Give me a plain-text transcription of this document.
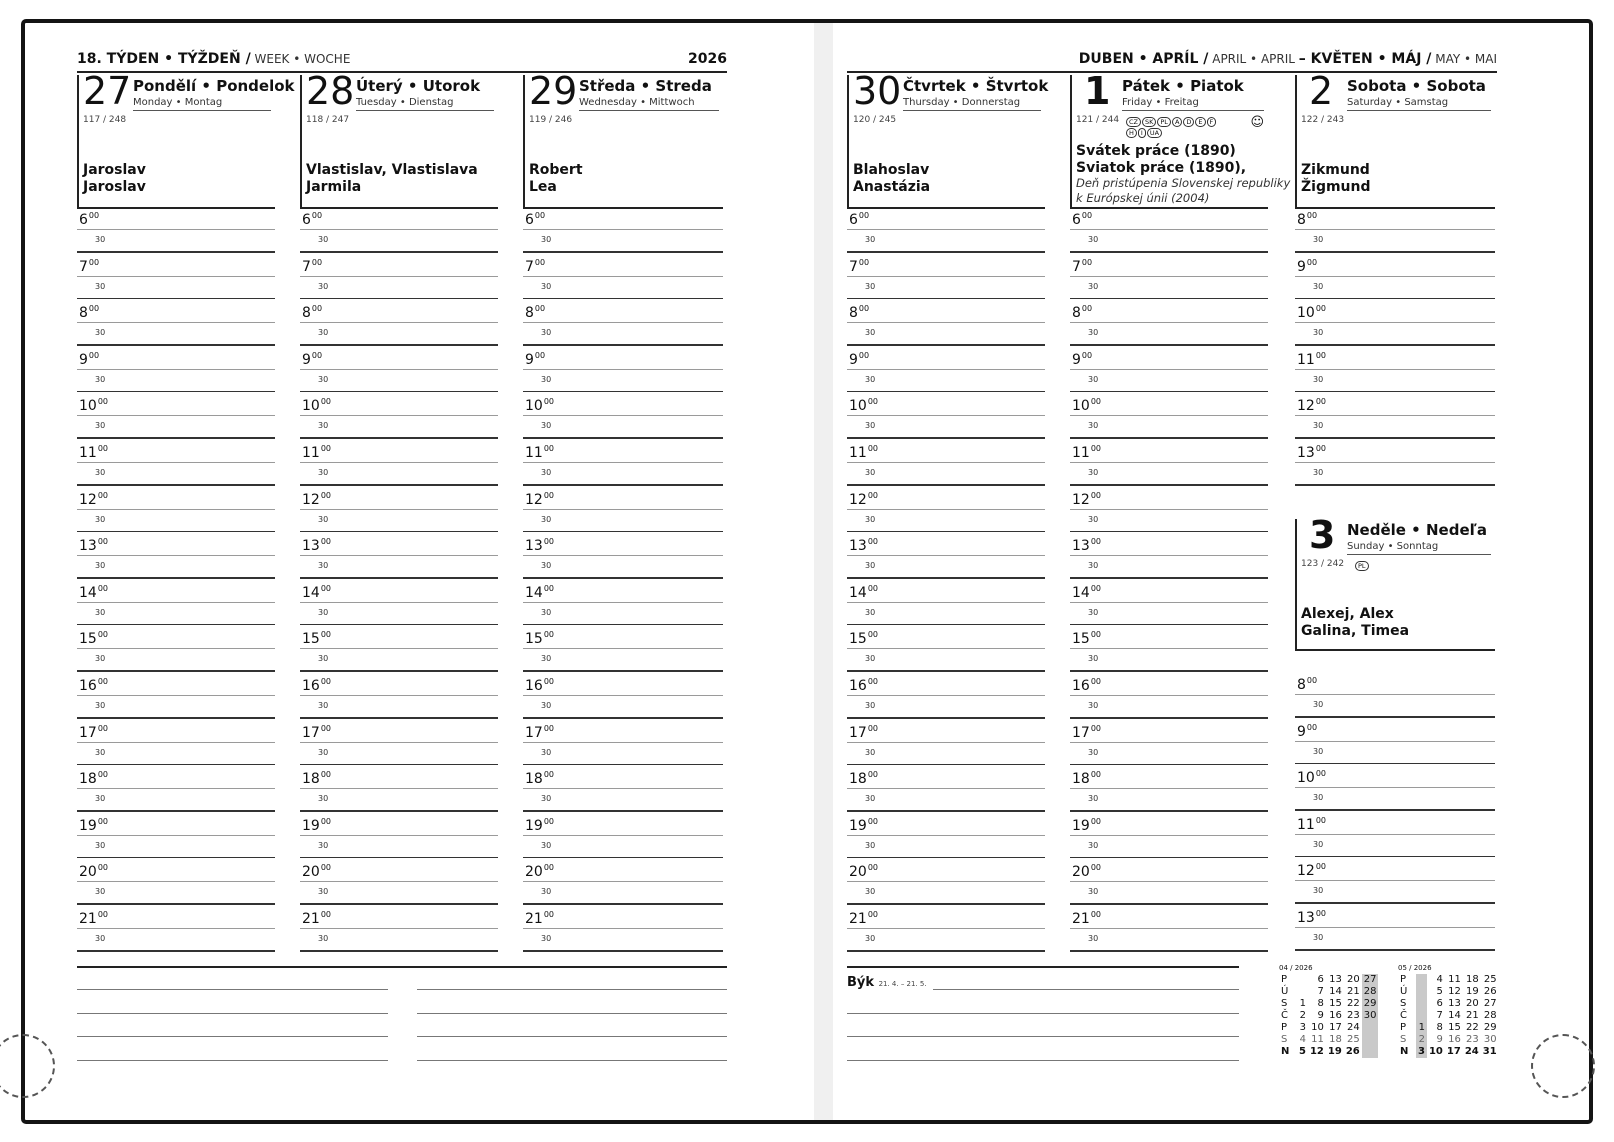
18. TÝDEN • TÝŽDEŇ / WEEK • WOCHE	2026	DUBEN • APRÍL / APRIL • APRIL – KVĚTEN • MÁJ / MAY • MAI
27 Pondělí • Pondelok
Monday • Montag
117 / 248
Jaroslav
Jaroslav
$6^{00}$
30
$7^{00}$
30
$8^{00}$
30
$9^{00}$
30
$10^{00}$
30
$11^{00}$
30
$12^{00}$
30
$13^{00}$
30
$14^{00}$
30
$15^{00}$
30
$16^{00}$
30
$17^{00}$
30
$18^{00}$
30
$19^{00}$
30
$20^{00}$
30
$21^{00}$
30
28 Úterý • Utorok
Tuesday • Dienstag
118 / 247
Vlastislav, Vlastislava
Jarmila
$6^{00}$
30
$7^{00}$
30
$8^{00}$
30
$9^{00}$
30
$10^{00}$
30
$11^{00}$
30
$12^{00}$
30
$13^{00}$
30
$14^{00}$
30
$15^{00}$
30
$16^{00}$
30
$17^{00}$
30
$18^{00}$
30
$19^{00}$
30
$20^{00}$
30
$21^{00}$
30
29 Středa • Streda
Wednesday • Mittwoch
119 / 246
Robert
Lea
$6^{00}$
30
$7^{00}$
30
$8^{00}$
30
$9^{00}$
30
$10^{00}$
30
$11^{00}$
30
$12^{00}$
30
$13^{00}$
30
$14^{00}$
30
$15^{00}$
30
$16^{00}$
30
$17^{00}$
30
$18^{00}$
30
$19^{00}$
30
$20^{00}$
30
$21^{00}$
30
30 Čtvrtek • Štvrtok
Thursday • Donnerstag
120 / 245
Blahoslav
Anastázia
$6^{00}$
30
$7^{00}$
30
$8^{00}$
30
$9^{00}$
30
$10^{00}$
30
$11^{00}$
30
$12^{00}$
30
$13^{00}$
30
$14^{00}$
30
$15^{00}$
30
$16^{00}$
30
$17^{00}$
30
$18^{00}$
30
$19^{00}$
30
$20^{00}$
30
$21^{00}$
30
1 Pátek • Piatok
Friday • Freitag
121 / 244	CZ SK PL A D E FH I UA
☺
Svátek práce (1890)
Sviatok práce (1890),
Deň pristúpenia Slovenskej republiky
k Európskej únii (2004)
$6^{00}$
30
$7^{00}$
30
$8^{00}$
30
$9^{00}$
30
$10^{00}$
30
$11^{00}$
30
$12^{00}$
30
$13^{00}$
30
$14^{00}$
30
$15^{00}$
30
$16^{00}$
30
$17^{00}$
30
$18^{00}$
30
$19^{00}$
30
$20^{00}$
30
$21^{00}$
30
2 Sobota • Sobota
Saturday • Samstag
122 / 243
Zikmund
Žigmund
$8^{00}$
30
$9^{00}$
30
$10^{00}$
30
$11^{00}$
30
$12^{00}$
30
$13^{00}$
30
3 Neděle • Nedeľa
Sunday • Sonntag
123 / 242	PL
Alexej, Alex
Galina, Timea
$8^{00}$
30
$9^{00}$
30
$10^{00}$
30
$11^{00}$
30
$12^{00}$
30
$13^{00}$
30
Býk 21. 4. – 21. 5.
04 / 2026
P		6	13	20	27
Ú		7	14	21	28
S	1	8	15	22	29
Č	2	9	16	23	30
P	3	10	17	24	
S	4	11	18	25	
N	5	12	19	26	
05 / 2026
P		4	11	18	25
Ú		5	12	19	26
S		6	13	20	27
Č		7	14	21	28
P	1	8	15	22	29
S	2	9	16	23	30
N	3	10	17	24	31
